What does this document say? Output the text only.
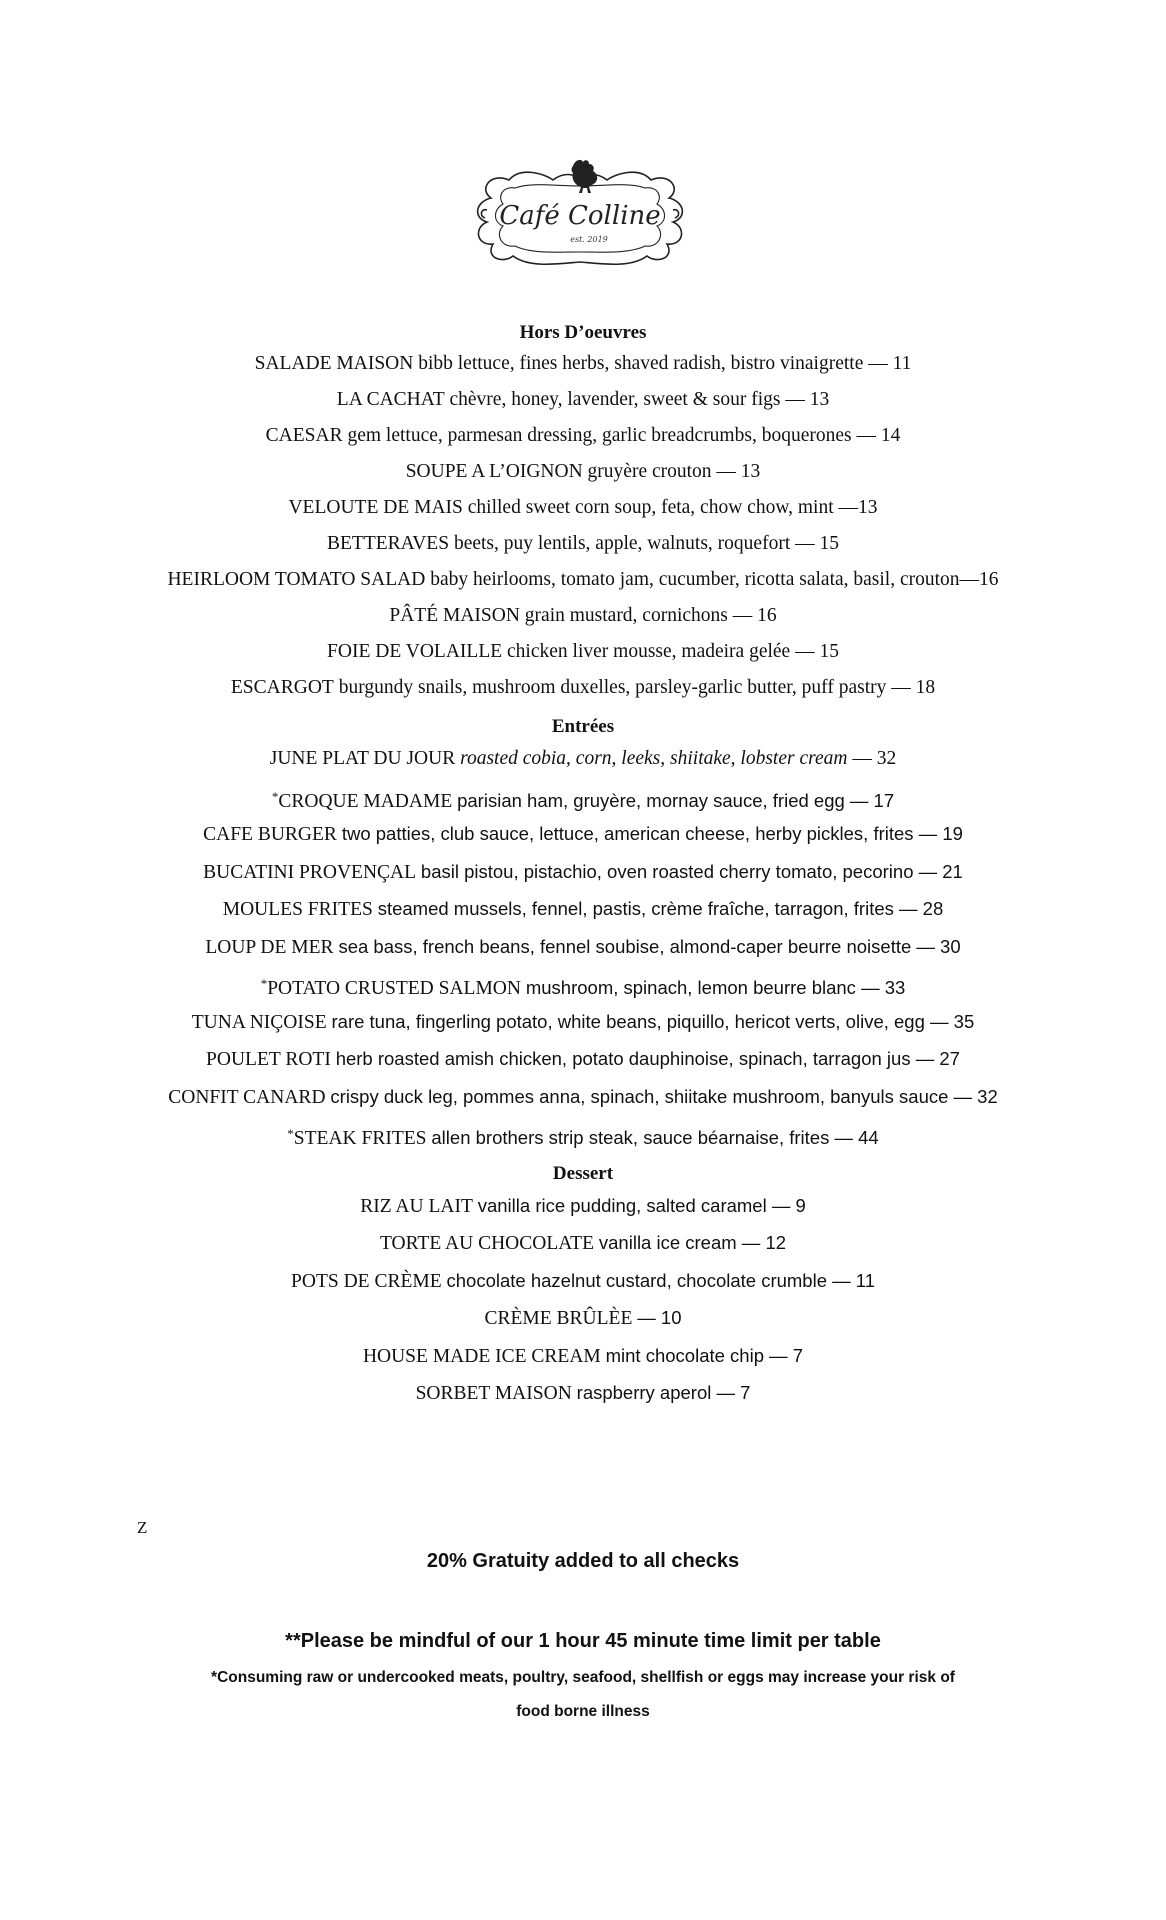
Café Colline
est. 2019
Hors D’oeuvres
SALADE MAISON bibb lettuce, fines herbs, shaved radish, bistro vinaigrette — 11
LA CACHAT chèvre, honey, lavender, sweet & sour figs — 13
CAESAR gem lettuce, parmesan dressing, garlic breadcrumbs, boquerones — 14
SOUPE A L’OIGNON gruyère crouton — 13
VELOUTE DE MAIS chilled sweet corn soup, feta, chow chow, mint —13
BETTERAVES beets, puy lentils, apple, walnuts, roquefort — 15
HEIRLOOM TOMATO SALAD baby heirlooms, tomato jam, cucumber, ricotta salata, basil, crouton—16
PÂTÉ MAISON grain mustard, cornichons — 16
FOIE DE VOLAILLE chicken liver mousse, madeira gelée — 15
ESCARGOT burgundy snails, mushroom duxelles, parsley-garlic butter, puff pastry — 18
Entrées
JUNE PLAT DU JOUR roasted cobia, corn, leeks, shiitake, lobster cream — 32
*CROQUE MADAME parisian ham, gruyère, mornay sauce, fried egg — 17
CAFE BURGER two patties, club sauce, lettuce, american cheese, herby pickles, frites — 19
BUCATINI PROVENÇAL basil pistou, pistachio, oven roasted cherry tomato, pecorino — 21
MOULES FRITES steamed mussels, fennel, pastis, crème fraîche, tarragon, frites — 28
LOUP DE MER sea bass, french beans, fennel soubise, almond-caper beurre noisette — 30
*POTATO CRUSTED SALMON mushroom, spinach, lemon beurre blanc — 33
TUNA NIÇOISE rare tuna, fingerling potato, white beans, piquillo, hericot verts, olive, egg — 35
POULET ROTI herb roasted amish chicken, potato dauphinoise, spinach, tarragon jus — 27
CONFIT CANARD crispy duck leg, pommes anna, spinach, shiitake mushroom, banyuls sauce — 32
*STEAK FRITES allen brothers strip steak, sauce béarnaise, frites — 44
Dessert
RIZ AU LAIT vanilla rice pudding, salted caramel — 9
TORTE AU CHOCOLATE vanilla ice cream — 12
POTS DE CRÈME chocolate hazelnut custard, chocolate crumble — 11
CRÈME BRÛLÈE — 10
HOUSE MADE ICE CREAM mint chocolate chip — 7
SORBET MAISON raspberry aperol — 7
Z
20% Gratuity added to all checks
**Please be mindful of our 1 hour 45 minute time limit per table
*Consuming raw or undercooked meats, poultry, seafood, shellfish or eggs may increase your risk of
food borne illness
